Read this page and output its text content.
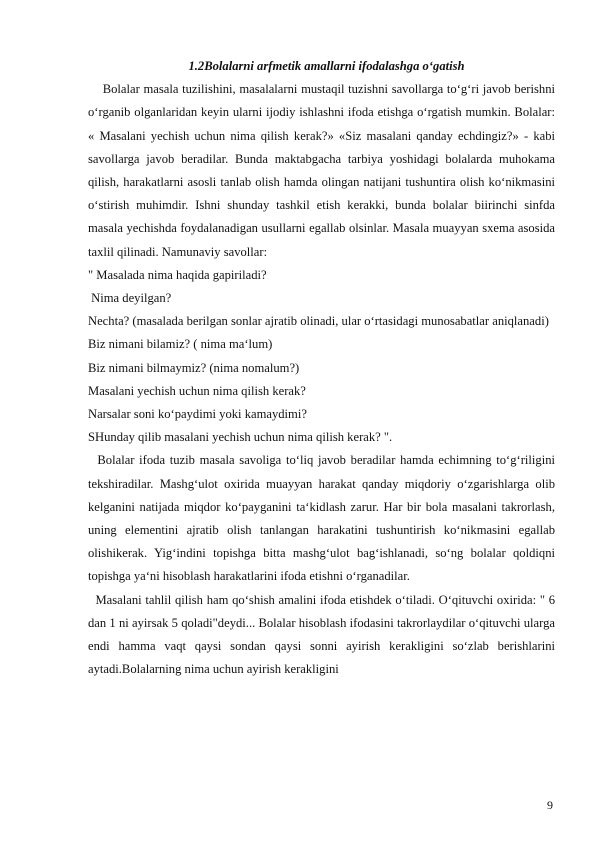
1.2Bolalarni arfmetik amallarni ifodalashga o‘gatish

Bolalar masala tuzilishini, masalalarni mustaqil tuzishni savollarga to‘g‘ri javob berishni o‘rganib olganlaridan keyin ularni ijodiy ishlashni ifoda etishga o‘rgatish mumkin. Bolalar: « Masalani yechish uchun nima qilish kerak?» «Siz masalani qanday echdingiz?» - kabi savollarga javob beradilar. Bunda maktabgacha tarbiya yoshidagi bolalarda muhokama qilish, harakatlarni asosli tanlab olish hamda olingan natijani tushuntira olish ko‘nikmasini o‘stirish muhimdir. Ishni shunday tashkil etish kerakki, bunda bolalar biirinchi sinfda masala yechishda foydalanadigan usullarni egallab olsinlar. Masala muayyan sxema asosida taxlil qilinadi. Namunaviy savollar:

" Masalada nima haqida gapiriladi?

Nima deyilgan?

Nechta? (masalada berilgan sonlar ajratib olinadi, ular o‘rtasidagi munosabatlar aniqlanadi)

Biz nimani bilamiz? ( nima ma‘lum)

Biz nimani bilmaymiz? (nima nomalum?)

Masalani yechish uchun nima qilish kerak?

Narsalar soni ko‘paydimi yoki kamaydimi?

SHunday qilib masalani yechish uchun nima qilish kerak? ".

Bolalar ifoda tuzib masala savoliga to‘liq javob beradilar hamda echimning to‘g‘riligini tekshiradilar. Mashg‘ulot oxirida muayyan harakat qanday miqdoriy o‘zgarishlarga olib kelganini natijada miqdor ko‘payganini ta‘kidlash zarur. Har bir bola masalani takrorlash, uning elementini ajratib olish tanlangan harakatini tushuntirish ko‘nikmasini egallab olishikerak. Yig‘indini topishga bitta mashg‘ulot bag‘ishlanadi, so‘ng bolalar qoldiqni topishga ya‘ni hisoblash harakatlarini ifoda etishni o‘rganadilar.

Masalani tahlil qilish ham qo‘shish amalini ifoda etishdek o‘tiladi. O‘qituvchi oxirida: " 6 dan 1 ni ayirsak 5 qoladi"deydi... Bolalar hisoblash ifodasini takrorlaydilar o‘qituvchi ularga endi hamma vaqt qaysi sondan qaysi sonni ayirish kerakligini so‘zlab berishlarini aytadi.Bolalarning nima uchun ayirish kerakligini

9
